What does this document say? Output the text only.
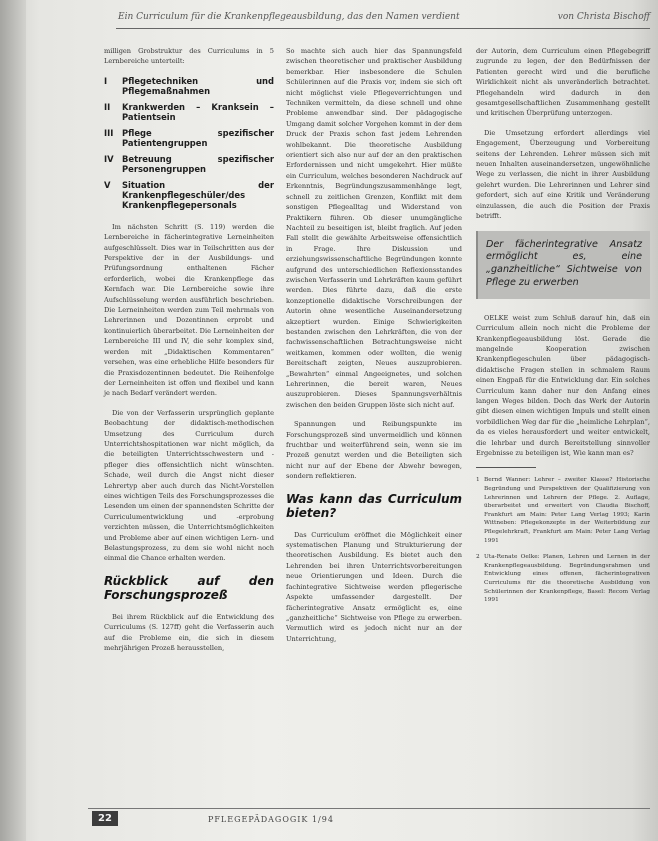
Ein Curriculum für die Krankenpflegeausbildung, das den Namen verdient	von Christa Bischoff

milligen Grobstruktur des Curriculums in 5 Lernbereiche unterteilt:

I	Pflegetechniken und Pflegemaßnahmen
II	Krankwerden – Kranksein – Patientsein
III	Pflege spezifischer Patientengruppen
IV Betreuung spezifischer Personengruppen
V	Situation der Krankenpflegeschüler/des Krankenpflegepersonals

Im nächsten Schritt (S. 119) werden die Lernbereiche in fächerintegrative Lerneinheiten aufgeschlüsselt. Dies war in Teilschritten aus der Perspektive der in der Ausbildungs- und Prüfungsordnung enthaltenen Fächer erforderlich, wobei die Krankenpflege das Kernfach war. Die Lernbereiche sowie ihre Aufschlüsselung werden ausführlich beschrieben. Die Lerneinheiten werden zum Teil mehrmals von Lehrerinnen und Dozentinnen erprobt und kontinuierlich überarbeitet. Die Lerneinheiten der Lernbereiche III und IV, die sehr komplex sind, werden mit „Didaktischen Kommentaren“ versehen, was eine erhebliche Hilfe besonders für die Praxisdozentinnen bedeutet. Die Reihenfolge der Lerneinheiten ist offen und flexibel und kann je nach Bedarf verändert werden.

Die von der Verfasserin ursprünglich geplante Beobachtung der didaktisch-methodischen Umsetzung des Curriculum durch Unterrichtshospitationen war nicht möglich, da die beteiligten Unterrichtsschwestern und -pfleger dies offensichtlich nicht wünschten. Schade, weil durch die Angst nicht dieser Lehrertyp aber auch durch das Nicht-Vorstellen eines wichtigen Teils des Forschungsprozesses die Lesenden um einen der spannendsten Schritte der Curriculumentwicklung und -erprobung verzichten müssen, die Unterrichtsmöglichkeiten und Probleme aber auf einen wichtigen Lern- und Belastungsprozess, zu dem sie wohl nicht noch einmal die Chance erhalten werden.

Rückblick auf den Forschungsprozeß

Bei ihrem Rückblick auf die Entwicklung des Curriculums (S. 127ff) geht die Verfasserin auch auf die Probleme ein, die sich in diesem mehrjährigen Prozeß herausstellen,

So machte sich auch hier das Spannungsfeld zwischen theoretischer und praktischer Ausbildung bemerkbar. Hier insbesondere die Schulen Schülerinnen auf die Praxis vor, indem sie sich oft nicht möglichst viele Pflegeverrichtungen und Techniken vermitteln, da diese schnell und ohne Probleme anwendbar sind. Der pädagogische Umgang damit solcher Vorgehen kommt in der dem Druck der Praxis schon fast jedem Lehrenden wohlbekannt. Die theoretische Ausbildung orientiert sich also nur auf der an den praktischen Erfordernissen und nicht umgekehrt. Hier müßte ein Curriculum, welches besonderen Nachdruck auf Erkenntnis, Begründungszusammenhänge legt, schnell zu zeitlichen Grenzen, Konflikt mit dem sonstigen Pflegealltag und Widerstand von Praktikern führen. Ob dieser unumgängliche Nachteil zu beseitigen ist, bleibt fraglich. Auf jeden Fall stellt die gewählte Arbeitsweise offensichtlich in Frage. Ihre Diskussion und erziehungswissenschaftliche Begründungen konnte aufgrund des unterschiedlichen Reflexionsstandes zwischen Verfasserin und Lehrkräften kaum geführt werden. Dies führte dazu, daß die erste konzeptionelle didaktische Vorschreibungen der Autorin ohne wesentliche Auseinandersetzung akzeptiert wurden. Einige Schwierigkeiten bestanden zwischen den Lehrkräften, die von der fachwissenschaftlichen Betrachtungsweise nicht weitkamen, kommen oder wollten, die wenig Bereitschaft zeigten, Neues auszuprobieren. „Bewahrten“ einmal Angeeignetes, und solchen Lehrerinnen, die bereit waren, Neues auszuprobieren. Dieses Spannungsverhältnis zwischen den beiden Gruppen löste sich nicht auf.

Spannungen und Reibungspunkte im Forschungsprozeß sind unvermeidlich und können fruchtbar und weiterführend sein, wenn sie im Prozeß genutzt werden und die Beteiligten sich nicht nur auf der Ebene der Abwehr bewegen, sondern reflektieren.

Was kann das Curriculum bieten?

Das Curriculum eröffnet die Möglichkeit einer systematischen Planung und Strukturierung der theoretischen Ausbildung. Es bietet auch den Lehrenden bei ihren Unterrichtsvorbereitungen neue Orientierungen und Ideen. Durch die fachintegrative Sichtweise werden pflegerische Aspekte umfassender dargestellt. Der fächerintegrative Ansatz ermöglicht es, eine „ganzheitliche“ Sichtweise von Pflege zu erwerben. Vermutlich wird es jedoch nicht nur an der Unterrichtung,

der Autorin, dem Curriculum einen Pflegebegriff zugrunde zu legen, der den Bedürfnissen der Patienten gerecht wird und die berufliche Wirklichkeit nicht als unveränderlich betrachtet. Pflegehandeln wird dadurch in den gesamtgesellschaftlichen Zusammenhang gestellt und kritischen Überprüfung unterzogen.

Die Umsetzung erfordert allerdings viel Engagement, Überzeugung und Vorbereitung seitens der Lehrenden. Lehrer müssen sich mit neuen Inhalten auseinandersetzen, ungewöhnliche Wege zu verlassen, die nicht in ihrer Ausbildung gelehrt wurden. Die Lehrerinnen und Lehrer sind gefordert, sich auf eine Kritik und Veränderung einzulassen, die auch die Position der Praxis betrifft.

Der fächerintegrative Ansatz ermöglicht es, eine „ganzheitliche“ Sichtweise von Pflege zu erwerben

OELKE weist zum Schluß darauf hin, daß ein Curriculum allein noch nicht die Probleme der Krankenpflegeausbildung löst. Gerade die mangelnde Kooperation zwischen Krankenpflegeschulen über pädagogisch-didaktische Fragen stellen in schmalem Raum einen Engpaß für die Entwicklung dar. Ein solches Curriculum kann daher nur den Anfang eines langen Weges bilden. Doch das Werk der Autorin gibt diesen einen wichtigen Impuls und stellt einen vorbildlichen Weg dar für die „heimliche Lehrplan“, da es vieles herausfordert und weiter entwickelt, die lehrbar und durch Bereitstellung sinnvoller Ergebnisse zu beteiligen ist, Wie kann man es?

1 Bernd Wanner: Lehrer – zweiter Klasse? Historische Begründung und Perspektiven der Qualifizierung von Lehrerinnen und Lehrern der Pflege. 2. Auflage, überarbeitet und erweitert von Claudia Bischoff, Frankfurt am Main: Peter Lang Verlag 1993; Karin Wittneben: Pflegekonzepte in der Weiterbildung zur Pflegelehrkraft, Frankfurt am Main: Peter Lang Verlag 1991
2 Uta-Renate Oelke: Planen, Lehren und Lernen in der Krankenpflegeausbildung. Begründungsrahmen und Entwicklung eines offenen, fächerintegrativen Curriculums für die theoretische Ausbildung von Schülerinnen der Krankenpflege, Basel: Recom Verlag 1991
22	PFLEGEPÄDAGOGIK 1/94
